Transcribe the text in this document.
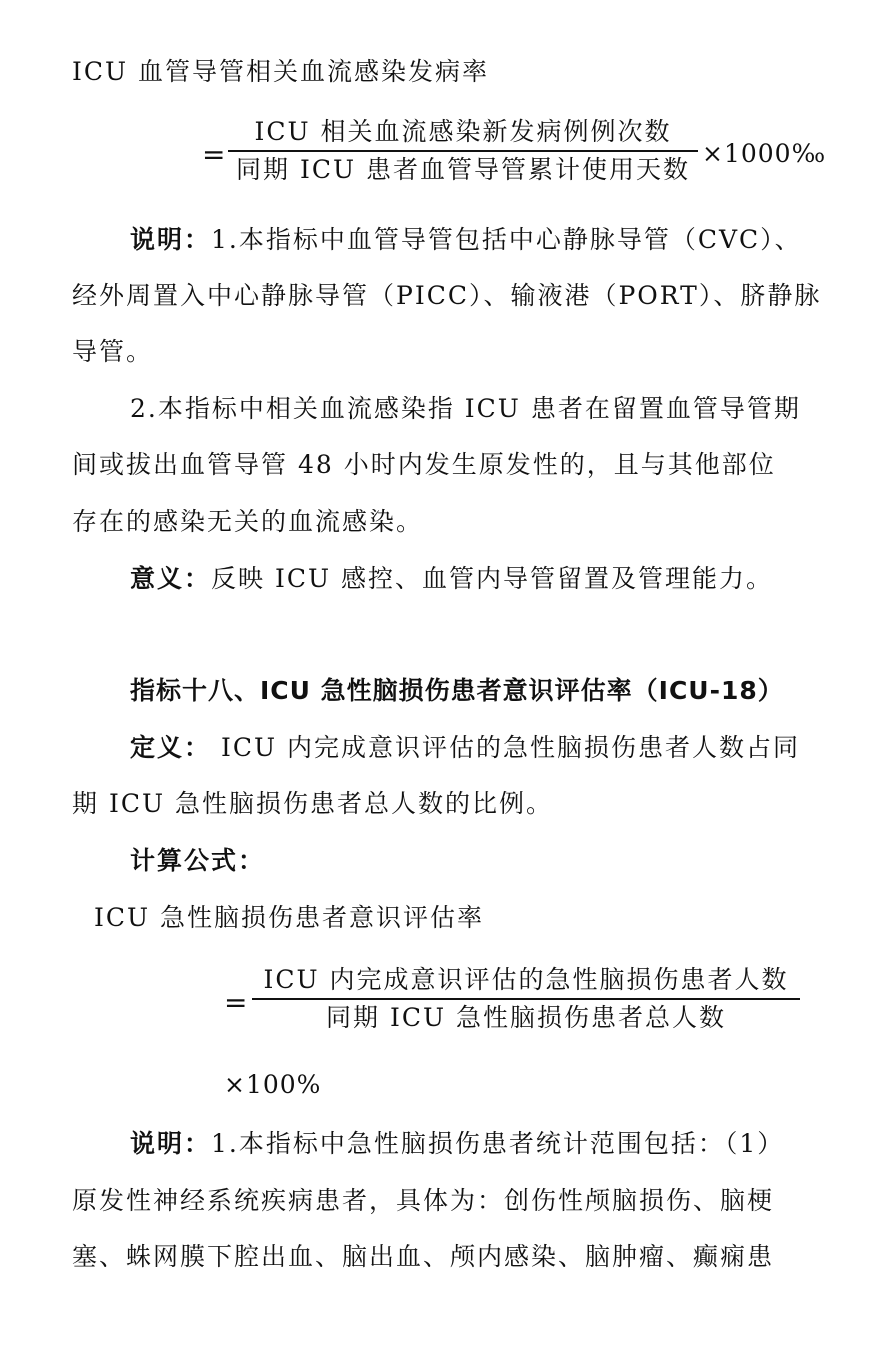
ICU 血管导管相关血流感染发病率
=
ICU 相关血流感染新发病例例次数
同期 ICU 患者血管导管累计使用天数
×1000‰
说明：1.本指标中血管导管包括中心静脉导管（CVC）、
经外周置入中心静脉导管（PICC）、输液港（PORT）、脐静脉
导管。
2.本指标中相关血流感染指 ICU 患者在留置血管导管期
间或拔出血管导管 48 小时内发生原发性的，且与其他部位
存在的感染无关的血流感染。
意义：反映 ICU 感控、血管内导管留置及管理能力。
指标十八、ICU 急性脑损伤患者意识评估率（ICU-18）
定义： ICU 内完成意识评估的急性脑损伤患者人数占同
期 ICU 急性脑损伤患者总人数的比例。
计算公式：
ICU 急性脑损伤患者意识评估率
=
ICU 内完成意识评估的急性脑损伤患者人数
同期 ICU 急性脑损伤患者总人数
×100%
说明：1.本指标中急性脑损伤患者统计范围包括：（1）
原发性神经系统疾病患者，具体为：创伤性颅脑损伤、脑梗
塞、蛛网膜下腔出血、脑出血、颅内感染、脑肿瘤、癫痫患
